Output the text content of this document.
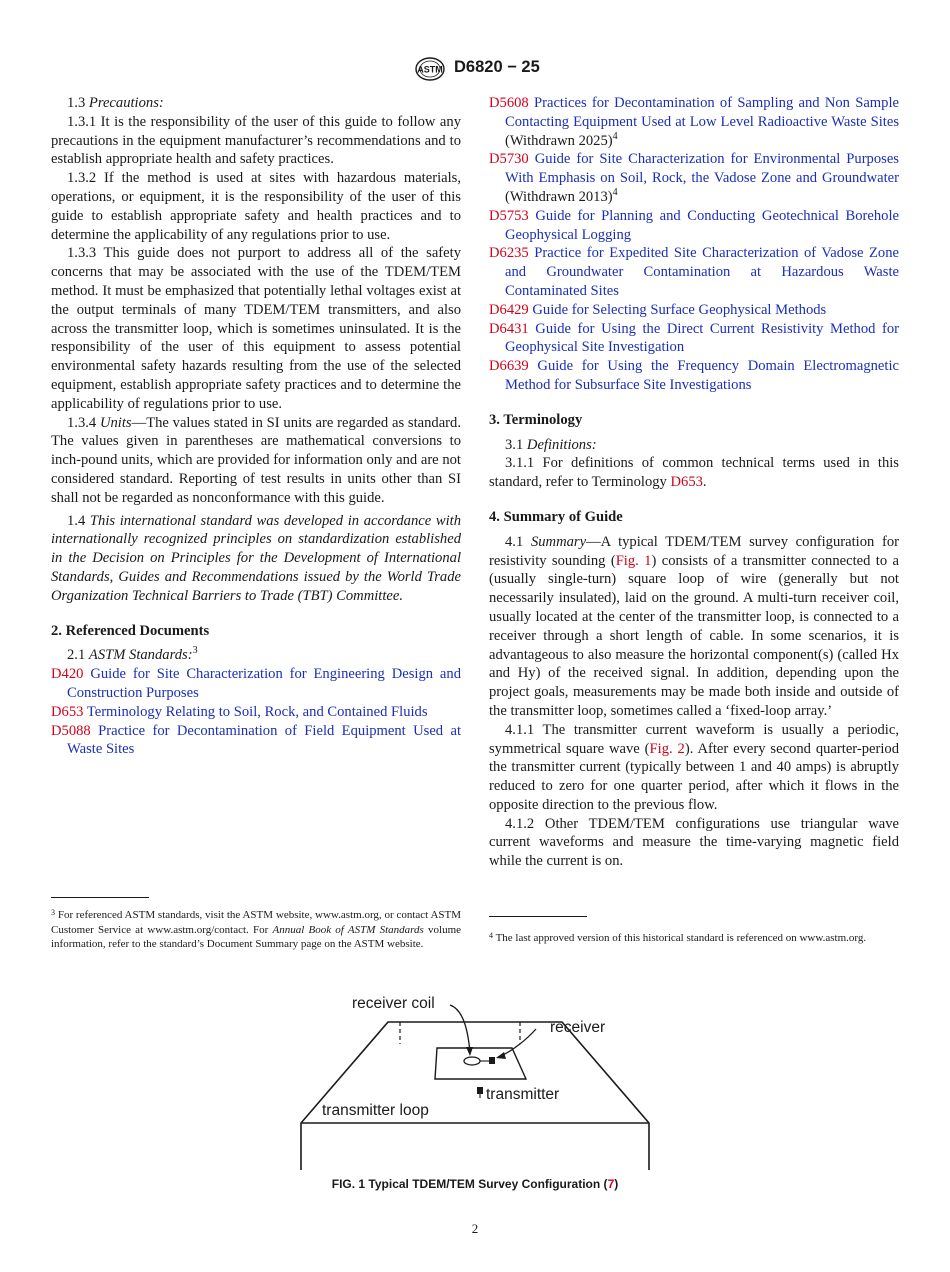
ASTM D6820 − 25

1.3 Precautions:

1.3.1 It is the responsibility of the user of this guide to follow any precautions in the equipment manufacturer’s recommendations and to establish appropriate health and safety practices.

1.3.2 If the method is used at sites with hazardous materials, operations, or equipment, it is the responsibility of the user of this guide to establish appropriate safety and health practices and to determine the applicability of any regulations prior to use.

1.3.3 This guide does not purport to address all of the safety concerns that may be associated with the use of the TDEM/TEM method. It must be emphasized that potentially lethal voltages exist at the output terminals of many TDEM/TEM transmitters, and also across the transmitter loop, which is sometimes uninsulated. It is the responsibility of the user of this equipment to assess potential environmental safety hazards resulting from the use of the selected equipment, establish appropriate safety practices and to determine the applicability of regulations prior to use.

1.3.4 Units—The values stated in SI units are regarded as standard. The values given in parentheses are mathematical conversions to inch-pound units, which are provided for information only and are not considered standard. Reporting of test results in units other than SI shall not be regarded as nonconformance with this guide.

1.4 This international standard was developed in accordance with internationally recognized principles on standardization established in the Decision on Principles for the Development of International Standards, Guides and Recommendations issued by the World Trade Organization Technical Barriers to Trade (TBT) Committee.

2. Referenced Documents

2.1 ASTM Standards:$^3$

D420 Guide for Site Characterization for Engineering Design and Construction Purposes

D653 Terminology Relating to Soil, Rock, and Contained Fluids

D5088 Practice for Decontamination of Field Equipment Used at Waste Sites

$^3$ For referenced ASTM standards, visit the ASTM website, www.astm.org, or contact ASTM Customer Service at www.astm.org/contact. For Annual Book of ASTM Standards volume information, refer to the standard’s Document Summary page on the ASTM website.

D5608 Practices for Decontamination of Sampling and Non Sample Contacting Equipment Used at Low Level Radioactive Waste Sites (Withdrawn 2025)$^4$

D5730 Guide for Site Characterization for Environmental Purposes With Emphasis on Soil, Rock, the Vadose Zone and Groundwater (Withdrawn 2013)$^4$

D5753 Guide for Planning and Conducting Geotechnical Borehole Geophysical Logging

D6235 Practice for Expedited Site Characterization of Vadose Zone and Groundwater Contamination at Hazardous Waste Contaminated Sites

D6429 Guide for Selecting Surface Geophysical Methods

D6431 Guide for Using the Direct Current Resistivity Method for Geophysical Site Investigation

D6639 Guide for Using the Frequency Domain Electromagnetic Method for Subsurface Site Investigations

3. Terminology

3.1 Definitions:

3.1.1 For definitions of common technical terms used in this standard, refer to Terminology D653.

4. Summary of Guide

4.1 Summary—A typical TDEM/TEM survey configuration for resistivity sounding (Fig. 1) consists of a transmitter connected to a (usually single-turn) square loop of wire (generally but not necessarily insulated), laid on the ground. A multi-turn receiver coil, usually located at the center of the transmitter loop, is connected to a receiver through a short length of cable. In some scenarios, it is advantageous to also measure the horizontal component(s) (called Hx and Hy) of the received signal. In addition, depending upon the project goals, measurements may be made both inside and outside of the transmitter loop, sometimes called a ‘fixed-loop array.’

4.1.1 The transmitter current waveform is usually a periodic, symmetrical square wave (Fig. 2). After every second quarter-period the transmitter current (typically between 1 and 40 amps) is abruptly reduced to zero for one quarter period, after which it flows in the opposite direction to the previous flow.

4.1.2 Other TDEM/TEM configurations use triangular wave current waveforms and measure the time-varying magnetic field while the current is on.

$^4$ The last approved version of this historical standard is referenced on www.astm.org.
receiver coil
receiver
transmitter
transmitter loop
FIG. 1 Typical TDEM/TEM Survey Configuration (7)
2
